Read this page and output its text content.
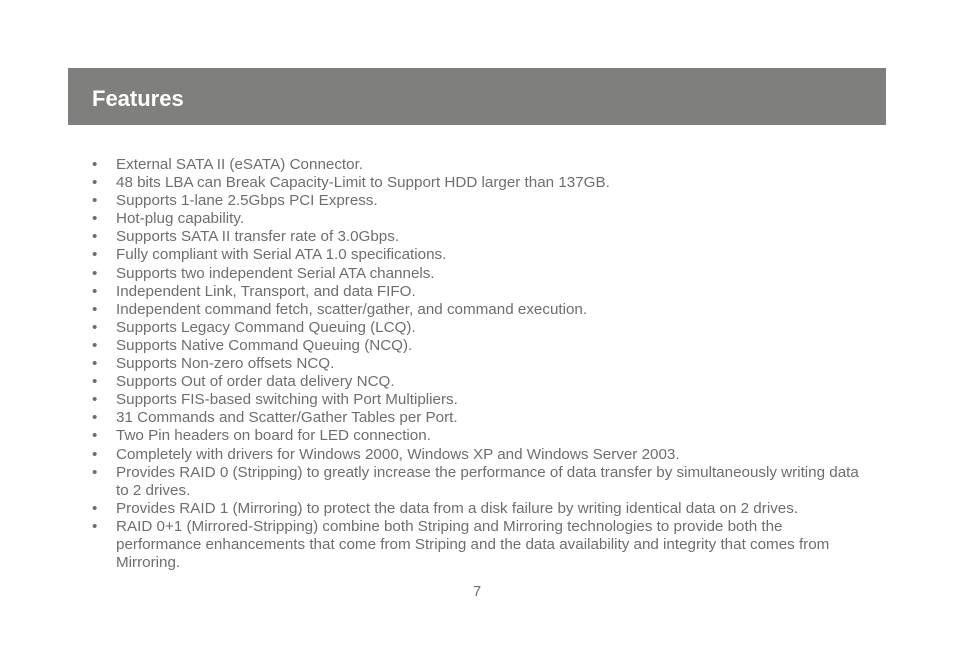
Features
• External SATA II (eSATA) Connector.
• 48 bits LBA can Break Capacity-Limit to Support HDD larger than 137GB.
• Supports 1-lane 2.5Gbps PCI Express.
• Hot-plug capability.
• Supports SATA II transfer rate of 3.0Gbps.
• Fully compliant with Serial ATA 1.0 specifications.
• Supports two independent Serial ATA channels.
• Independent Link, Transport, and data FIFO.
• Independent command fetch, scatter/gather, and command execution.
• Supports Legacy Command Queuing (LCQ).
• Supports Native Command Queuing (NCQ).
• Supports Non-zero offsets NCQ.
• Supports Out of order data delivery NCQ.
• Supports FIS-based switching with Port Multipliers.
• 31 Commands and Scatter/Gather Tables per Port.
• Two Pin headers on board for LED connection.
• Completely with drivers for Windows 2000, Windows XP and Windows Server 2003.
• Provides RAID 0 (Stripping) to greatly increase the performance of data transfer by simultaneously writing data to 2 drives.
• Provides RAID 1 (Mirroring) to protect the data from a disk failure by writing identical data on 2 drives.
• RAID 0+1 (Mirrored-Stripping) combine both Striping and Mirroring technologies to provide both the performance enhancements that come from Striping and the data availability and integrity that comes from Mirroring.
7
